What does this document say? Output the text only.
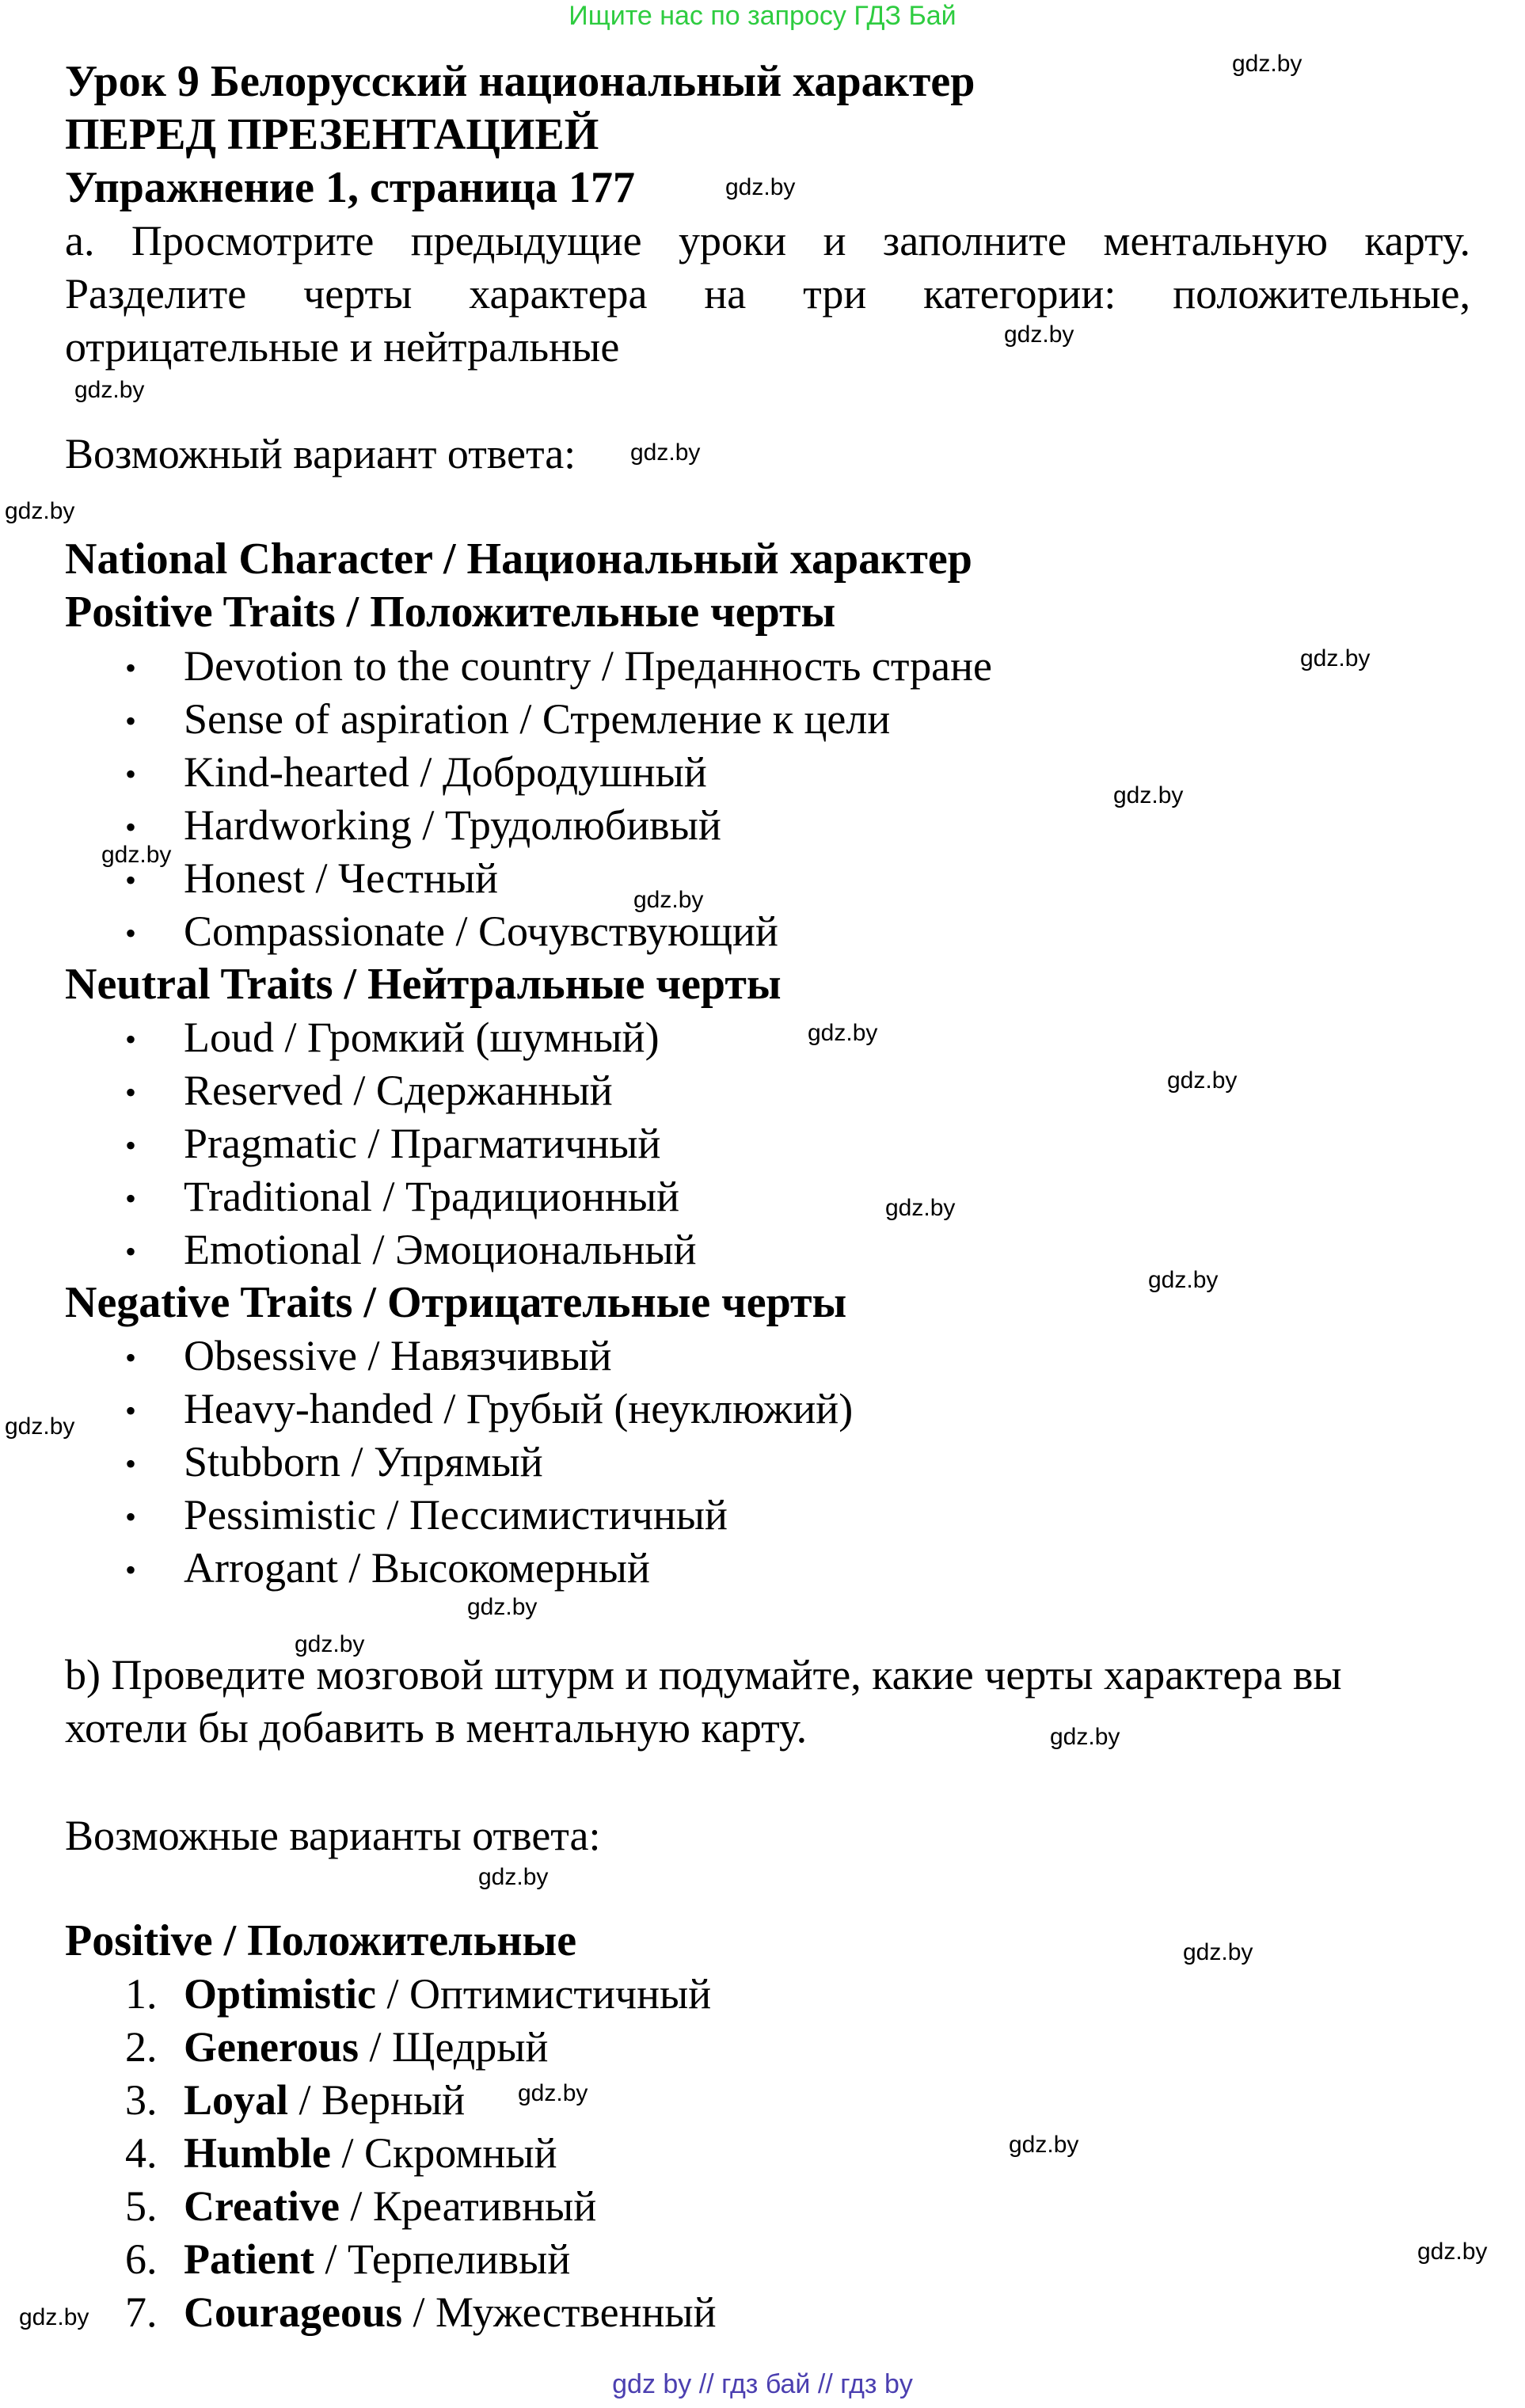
Ищите нас по запросу ГДЗ Бай
Урок 9 Белорусский национальный характер
ПЕРЕД ПРЕЗЕНТАЦИЕЙ
Упражнение 1, страница 177
a. Просмотрите предыдущие уроки и заполните ментальную карту.
Разделите черты характера на три категории: положительные,
отрицательные и нейтральные
Возможный вариант ответа:
National Character / Национальный характер
Positive Traits / Положительные черты
• Devotion to the country / Преданность стране
• Sense of aspiration / Стремление к цели
• Kind-hearted / Добродушный
• Hardworking / Трудолюбивый
• Honest / Честный
• Compassionate / Сочувствующий
Neutral Traits / Нейтральные черты
• Loud / Громкий (шумный)
• Reserved / Сдержанный
• Pragmatic / Прагматичный
• Traditional / Традиционный
• Emotional / Эмоциональный
Negative Traits / Отрицательные черты
• Obsessive / Навязчивый
• Heavy-handed / Грубый (неуклюжий)
• Stubborn / Упрямый
• Pessimistic / Пессимистичный
• Arrogant / Высокомерный
b) Проведите мозговой штурм и подумайте, какие черты характера вы
хотели бы добавить в ментальную карту.
Возможные варианты ответа:
Positive / Положительные
1. Optimistic / Оптимистичный
2. Generous / Щедрый
3. Loyal / Верный
4. Humble / Скромный
5. Creative / Креативный
6. Patient / Терпеливый
7. Courageous / Мужественный
gdz.by
gdz.by
gdz.by
gdz.by
gdz.by
gdz.by
gdz.by
gdz.by
gdz.by
gdz.by
gdz.by
gdz.by
gdz.by
gdz.by
gdz.by
gdz.by
gdz.by
gdz.by
gdz.by
gdz.by
gdz.by
gdz.by
gdz.by
gdz.by
gdz by // гдз бай // гдз by
